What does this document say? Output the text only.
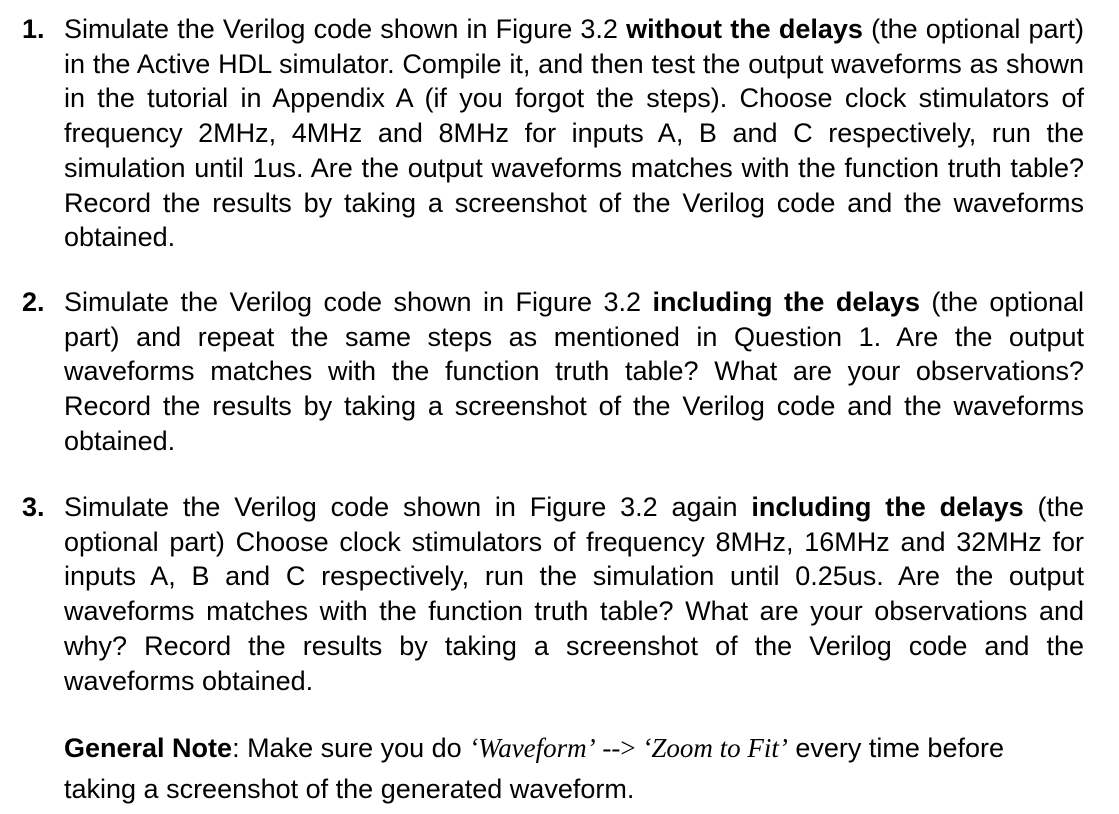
1. Simulate the Verilog code shown in Figure 3.2 without the delays (the optional part) in the Active HDL simulator. Compile it, and then test the output waveforms as shown in the tutorial in Appendix A (if you forgot the steps). Choose clock stimulators of frequency 2MHz, 4MHz and 8MHz for inputs A, B and C respectively, run the simulation until 1us. Are the output waveforms matches with the function truth table? Record the results by taking a screenshot of the Verilog code and the waveforms obtained.
2. Simulate the Verilog code shown in Figure 3.2 including the delays (the optional part) and repeat the same steps as mentioned in Question 1. Are the output waveforms matches with the function truth table? What are your observations? Record the results by taking a screenshot of the Verilog code and the waveforms obtained.
3. Simulate the Verilog code shown in Figure 3.2 again including the delays (the optional part) Choose clock stimulators of frequency 8MHz, 16MHz and 32MHz for inputs A, B and C respectively, run the simulation until 0.25us. Are the output waveforms matches with the function truth table? What are your observations and why? Record the results by taking a screenshot of the Verilog code and the waveforms obtained.
General Note: Make sure you do ‘Waveform’ --> ‘Zoom to Fit’ every time before taking a screenshot of the generated waveform.
